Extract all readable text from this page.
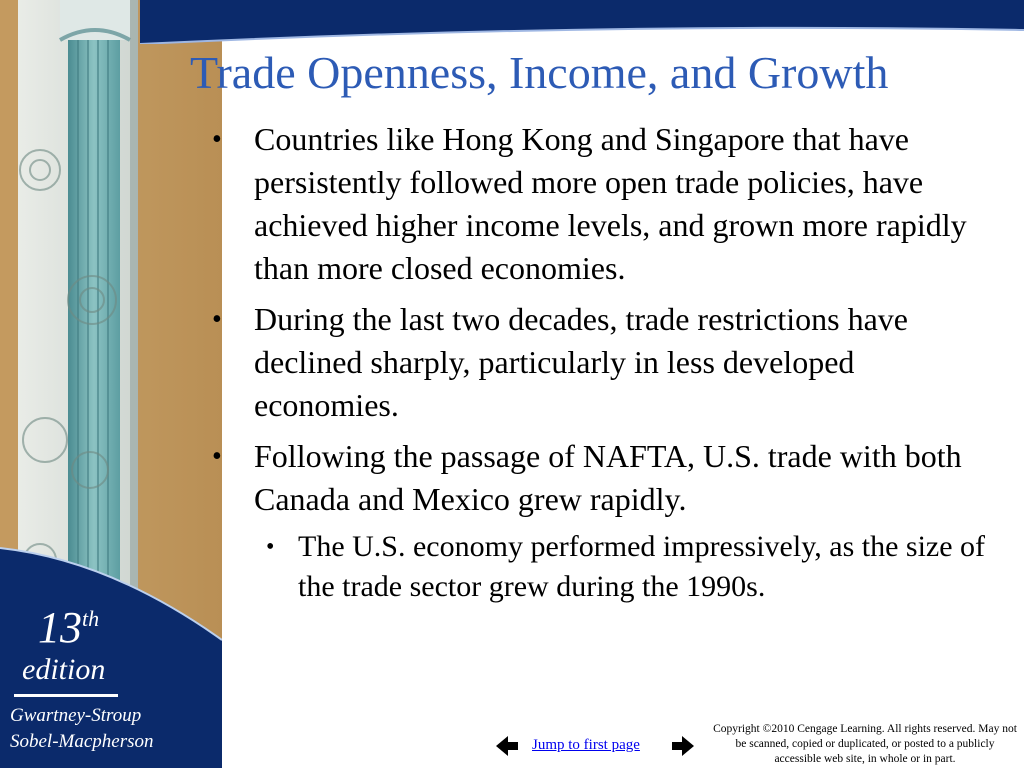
13th
edition
Gwartney-Stroup
Sobel-Macpherson
Trade Openness, Income, and Growth
• Countries like Hong Kong and Singapore that have persistently followed more open trade policies, have achieved higher income levels, and grown more rapidly than more closed economies.
• During the last two decades, trade restrictions have declined sharply, particularly in less developed economies.
• Following the passage of NAFTA, U.S. trade with both Canada and Mexico grew rapidly.
• The U.S. economy performed impressively, as the size of the trade sector grew during the 1990s.
Jump to first page
Copyright ©2010 Cengage Learning. All rights reserved. May not be scanned, copied or duplicated, or posted to a publicly accessible web site, in whole or in part.
